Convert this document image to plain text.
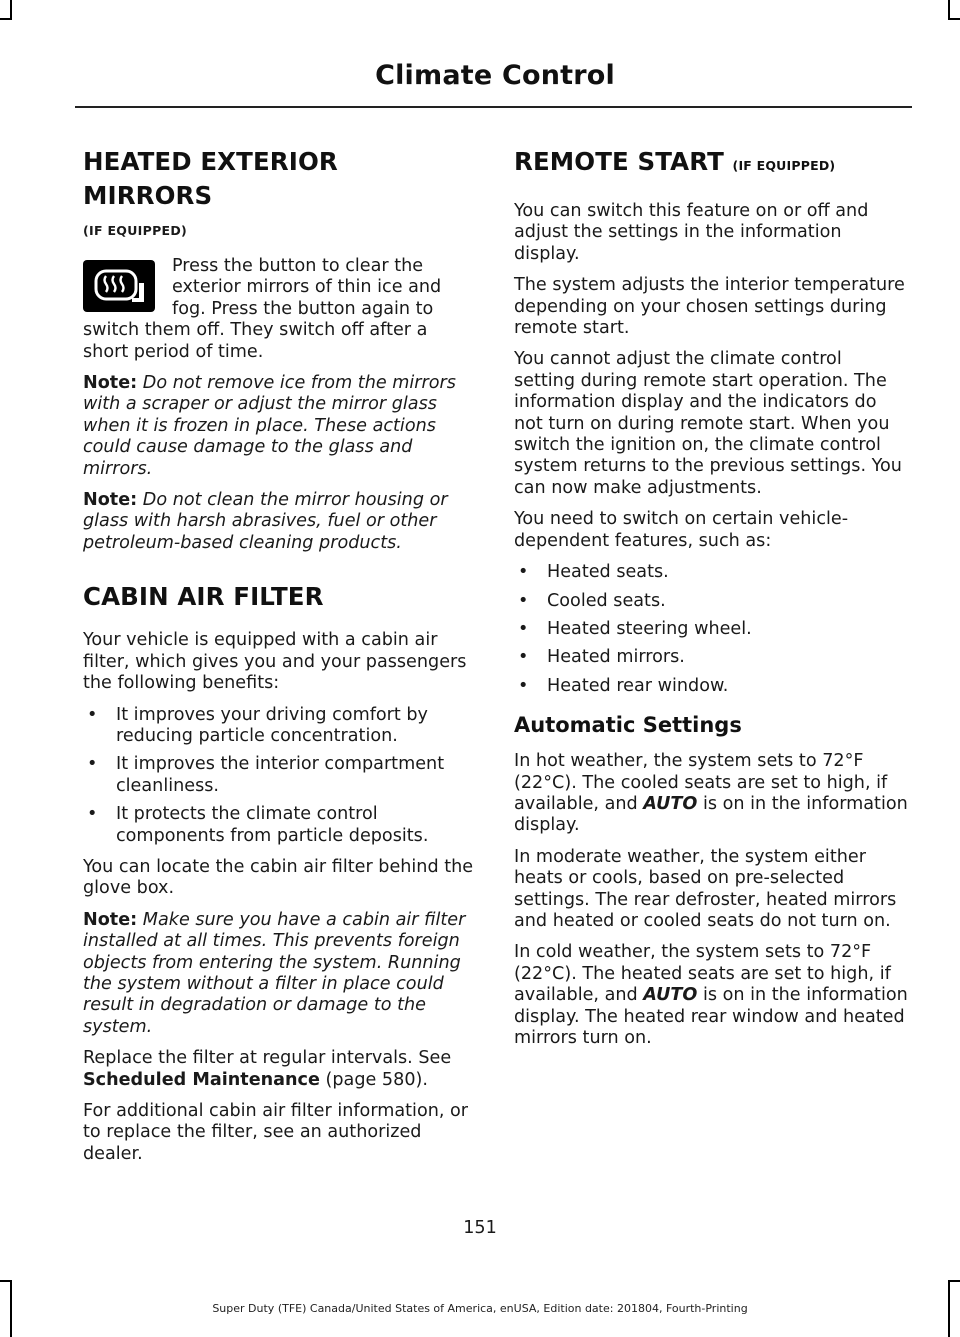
Climate Control
HEATED EXTERIOR MIRRORS
(IF EQUIPPED)

Press the button to clear the exterior mirrors of thin ice and fog. Press the button again to switch them off. They switch off after a short period of time.

Note: Do not remove ice from the mirrors with a scraper or adjust the mirror glass when it is frozen in place. These actions could cause damage to the glass and mirrors.

Note: Do not clean the mirror housing or glass with harsh abrasives, fuel or other petroleum-based cleaning products.

CABIN AIR FILTER

Your vehicle is equipped with a cabin air filter, which gives you and your passengers the following benefits:

• It improves your driving comfort by reducing particle concentration.
• It improves the interior compartment cleanliness.
• It protects the climate control components from particle deposits.

You can locate the cabin air filter behind the glove box.

Note: Make sure you have a cabin air filter installed at all times. This prevents foreign objects from entering the system. Running the system without a filter in place could result in degradation or damage to the system.

Replace the filter at regular intervals. See Scheduled Maintenance (page 580).

For additional cabin air filter information, or to replace the filter, see an authorized dealer.

REMOTE START (IF EQUIPPED)

You can switch this feature on or off and adjust the settings in the information display.

The system adjusts the interior temperature depending on your chosen settings during remote start.

You cannot adjust the climate control setting during remote start operation. The information display and the indicators do not turn on during remote start. When you switch the ignition on, the climate control system returns to the previous settings. You can now make adjustments.

You need to switch on certain vehicle-dependent features, such as:

• Heated seats.
• Cooled seats.
• Heated steering wheel.
• Heated mirrors.
• Heated rear window.
Automatic Settings

In hot weather, the system sets to 72°F (22°C). The cooled seats are set to high, if available, and AUTO is on in the information display.

In moderate weather, the system either heats or cools, based on pre-selected settings. The rear defroster, heated mirrors and heated or cooled seats do not turn on.

In cold weather, the system sets to 72°F (22°C). The heated seats are set to high, if available, and AUTO is on in the information display. The heated rear window and heated mirrors turn on.

151
Super Duty (TFE) Canada/United States of America, enUSA, Edition date: 201804, Fourth-Printing
